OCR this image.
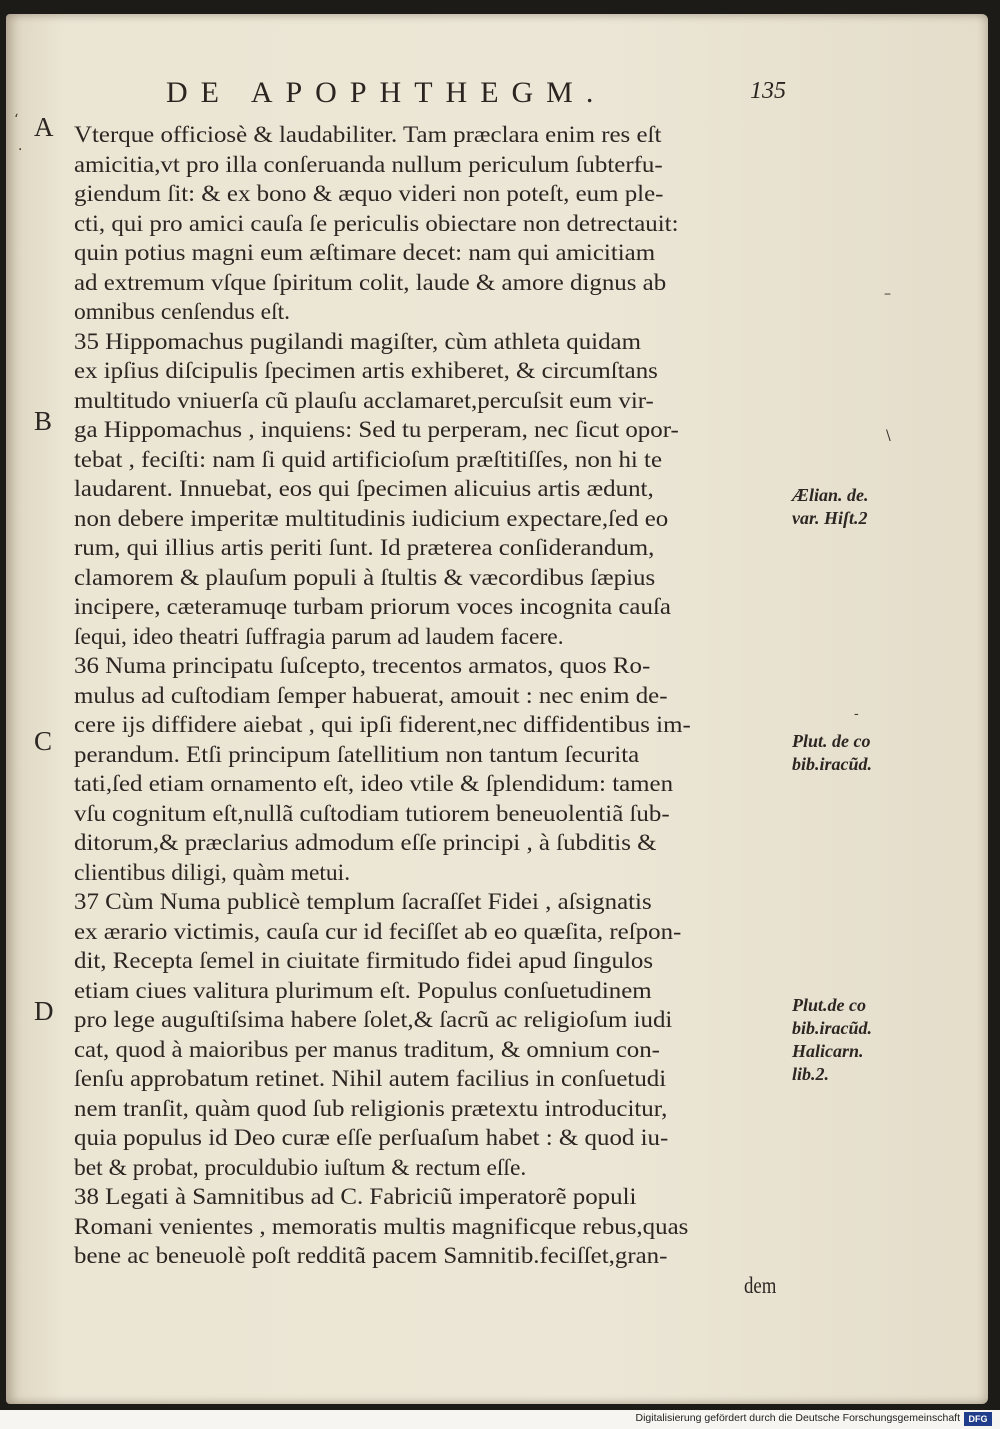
DE APOPHTHEGM.	135
‘
·
–
\
-
A
B
C
D
Vterque officiosè & laudabiliter. Tam præclara enim res eſt
amicitia,vt pro illa conſeruanda nullum periculum ſubterfu-
giendum ſit: & ex bono & æquo videri non poteſt, eum ple-
cti, qui pro amici cauſa ſe periculis obiectare non detrectauit:
quin potius magni eum æſtimare decet: nam qui amicitiam
ad extremum vſque ſpiritum colit, laude & amore dignus ab
omnibus cenſendus eſt.
35 Hippomachus pugilandi magiſter, cùm athleta quidam
ex ipſius diſcipulis ſpecimen artis exhiberet, & circumſtans
multitudo vniuerſa cũ plauſu acclamaret,percuſsit eum vir-
ga Hippomachus , inquiens: Sed tu perperam, nec ſicut opor-
tebat , feciſti: nam ſi quid artificioſum præſtitiſſes, non hi te
laudarent. Innuebat, eos qui ſpecimen alicuius artis ædunt,
non debere imperitæ multitudinis iudicium expectare,ſed eo
rum, qui illius artis periti ſunt. Id præterea conſiderandum,
clamorem & plauſum populi à ſtultis & væcordibus ſæpius
incipere, cæteramuqe turbam priorum voces incognita cauſa
ſequi, ideo theatri ſuffragia parum ad laudem facere.
36 Numa principatu ſuſcepto, trecentos armatos, quos Ro-
mulus ad cuſtodiam ſemper habuerat, amouit : nec enim de-
cere ijs diffidere aiebat , qui ipſi fiderent,nec diffidentibus im-
perandum. Etſi principum ſatellitium non tantum ſecurita
tati,ſed etiam ornamento eſt, ideo vtile & ſplendidum: tamen
vſu cognitum eſt,nullã cuſtodiam tutiorem beneuolentiã ſub-
ditorum,& præclarius admodum eſſe principi , à ſubditis &
clientibus diligi, quàm metui.
37 Cùm Numa publicè templum ſacraſſet Fidei , aſsignatis
ex ærario victimis, cauſa cur id feciſſet ab eo quæſita, reſpon-
dit, Recepta ſemel in ciuitate firmitudo fidei apud ſingulos
etiam ciues valitura plurimum eſt. Populus conſuetudinem
pro lege auguſtiſsima habere ſolet,& ſacrũ ac religioſum iudi
cat, quod à maioribus per manus traditum, & omnium con-
ſenſu approbatum retinet. Nihil autem facilius in conſuetudi
nem tranſit, quàm quod ſub religionis prætextu introducitur,
quia populus id Deo curæ eſſe perſuaſum habet : & quod iu-
bet & probat, proculdubio iuſtum & rectum eſſe.
38 Legati à Samnitibus ad C. Fabriciũ imperatorẽ populi
Romani venientes , memoratis multis magnificque rebus,quas
bene ac beneuolè poſt redditã pacem Samnitib.feciſſet,gran-
dem
Ælian. de.
var. Hiſt.2
Plut. de co
bib.iracũd.
Plut.de co
bib.iracũd.
Halicarn.
lib.2.
Digitalisierung gefördert durch die Deutsche Forschungsgemeinschaft DFG
